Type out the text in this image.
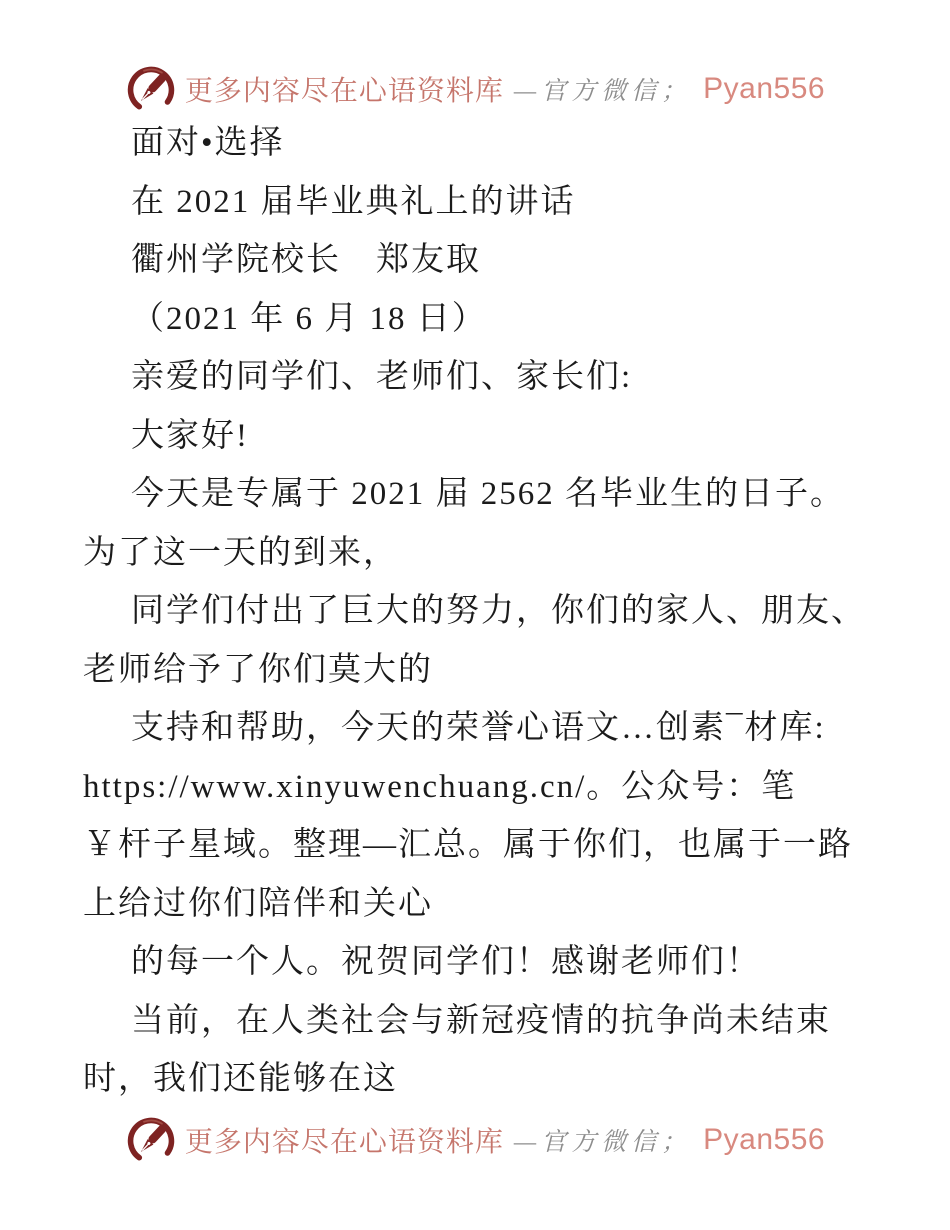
更多内容尽在心语资料库 —官方微信； Pyan556
面对•选择
在 2021 届毕业典礼上的讲话
衢州学院校长　郑友取
（2021 年 6 月 18 日）
亲爱的同学们、老师们、家长们:
大家好!
今天是专属于 2021 届 2562 名毕业生的日子。
为了这一天的到来，
同学们付出了巨大的努力，你们的家人、朋友、
老师给予了你们莫大的
支持和帮助，今天的荣誉心语文…创素¯材库:
https://www.xinyuwenchuang.cn/。公众号：笔
￥杆子星域。整理—汇总。属于你们，也属于一路
上给过你们陪伴和关心
的每一个人。祝贺同学们！感谢老师们！
当前，在人类社会与新冠疫情的抗争尚未结束
时，我们还能够在这
更多内容尽在心语资料库 —官方微信； Pyan556
